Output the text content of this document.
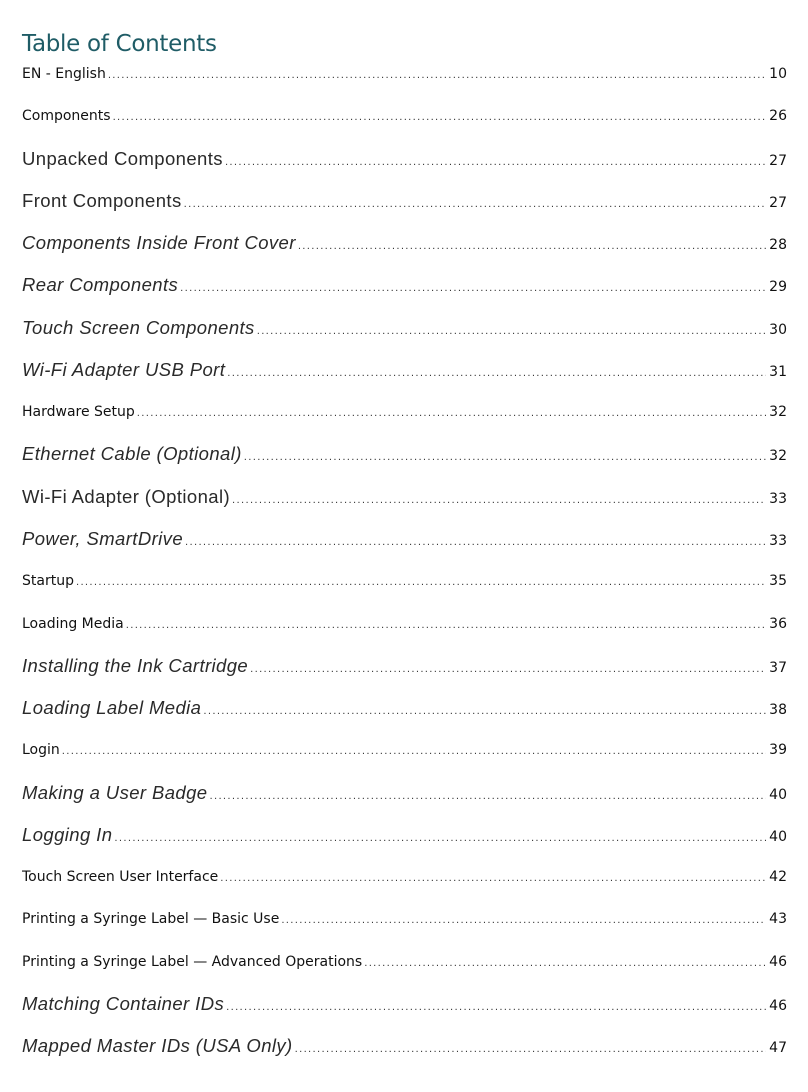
Table of Contents
EN - English .....	10
Components .....	26
Unpacked Components .....	27
Front Components .....	27
Components Inside Front Cover .....	28
Rear Components .....	29
Touch Screen Components .....	30
Wi-Fi Adapter USB Port .....	31
Hardware Setup .....	32
Ethernet Cable (Optional) .....	32
Wi-Fi Adapter (Optional) .....	33
Power, SmartDrive .....	33
Startup .....	35
Loading Media .....	36
Installing the Ink Cartridge .....	37
Loading Label Media .....	38
Login .....	39
Making a User Badge .....	40
Logging In .....	40
Touch Screen User Interface .....	42
Printing a Syringe Label — Basic Use .....	43
Printing a Syringe Label — Advanced Operations .....	46
Matching Container IDs .....	46
Mapped Master IDs (USA Only) .....	47
